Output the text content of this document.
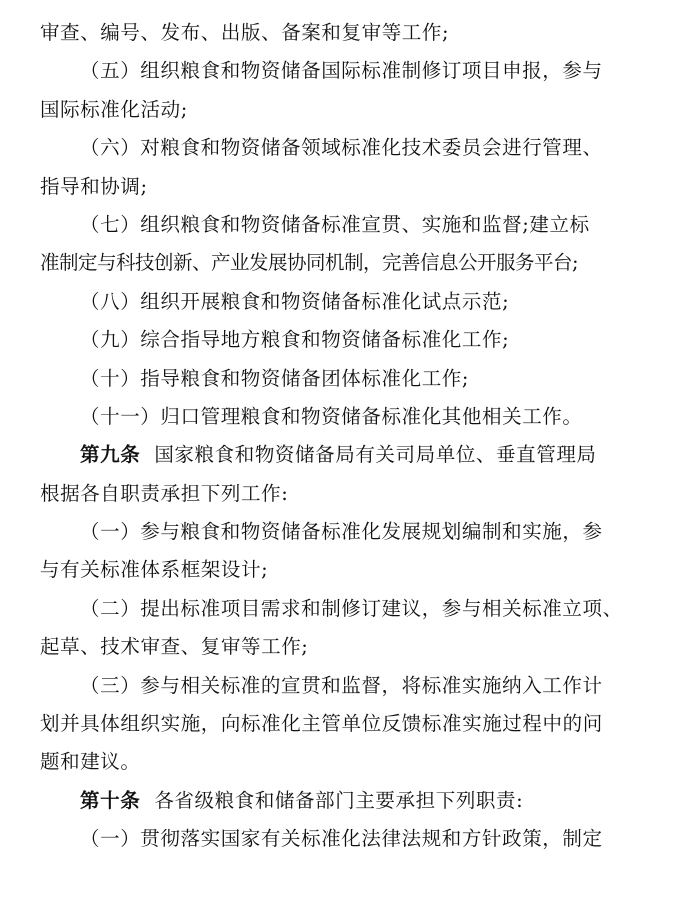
审查、编号、发布、出版、备案和复审等工作;
（五）组织粮食和物资储备国际标准制修订项目申报，参与
国际标准化活动;
（六）对粮食和物资储备领域标准化技术委员会进行管理、
指导和协调;
（七）组织粮食和物资储备标准宣贯、实施和监督;建立标
准制定与科技创新、产业发展协同机制，完善信息公开服务平台;
（八）组织开展粮食和物资储备标准化试点示范;
（九）综合指导地方粮食和物资储备标准化工作;
（十）指导粮食和物资储备团体标准化工作;
（十一）归口管理粮食和物资储备标准化其他相关工作。
第九条 国家粮食和物资储备局有关司局单位、垂直管理局
根据各自职责承担下列工作:
（一）参与粮食和物资储备标准化发展规划编制和实施，参
与有关标准体系框架设计;
（二）提出标准项目需求和制修订建议，参与相关标准立项、
起草、技术审查、复审等工作;
（三）参与相关标准的宣贯和监督，将标准实施纳入工作计
划并具体组织实施，向标准化主管单位反馈标准实施过程中的问
题和建议。
第十条 各省级粮食和储备部门主要承担下列职责:
（一）贯彻落实国家有关标准化法律法规和方针政策，制定
